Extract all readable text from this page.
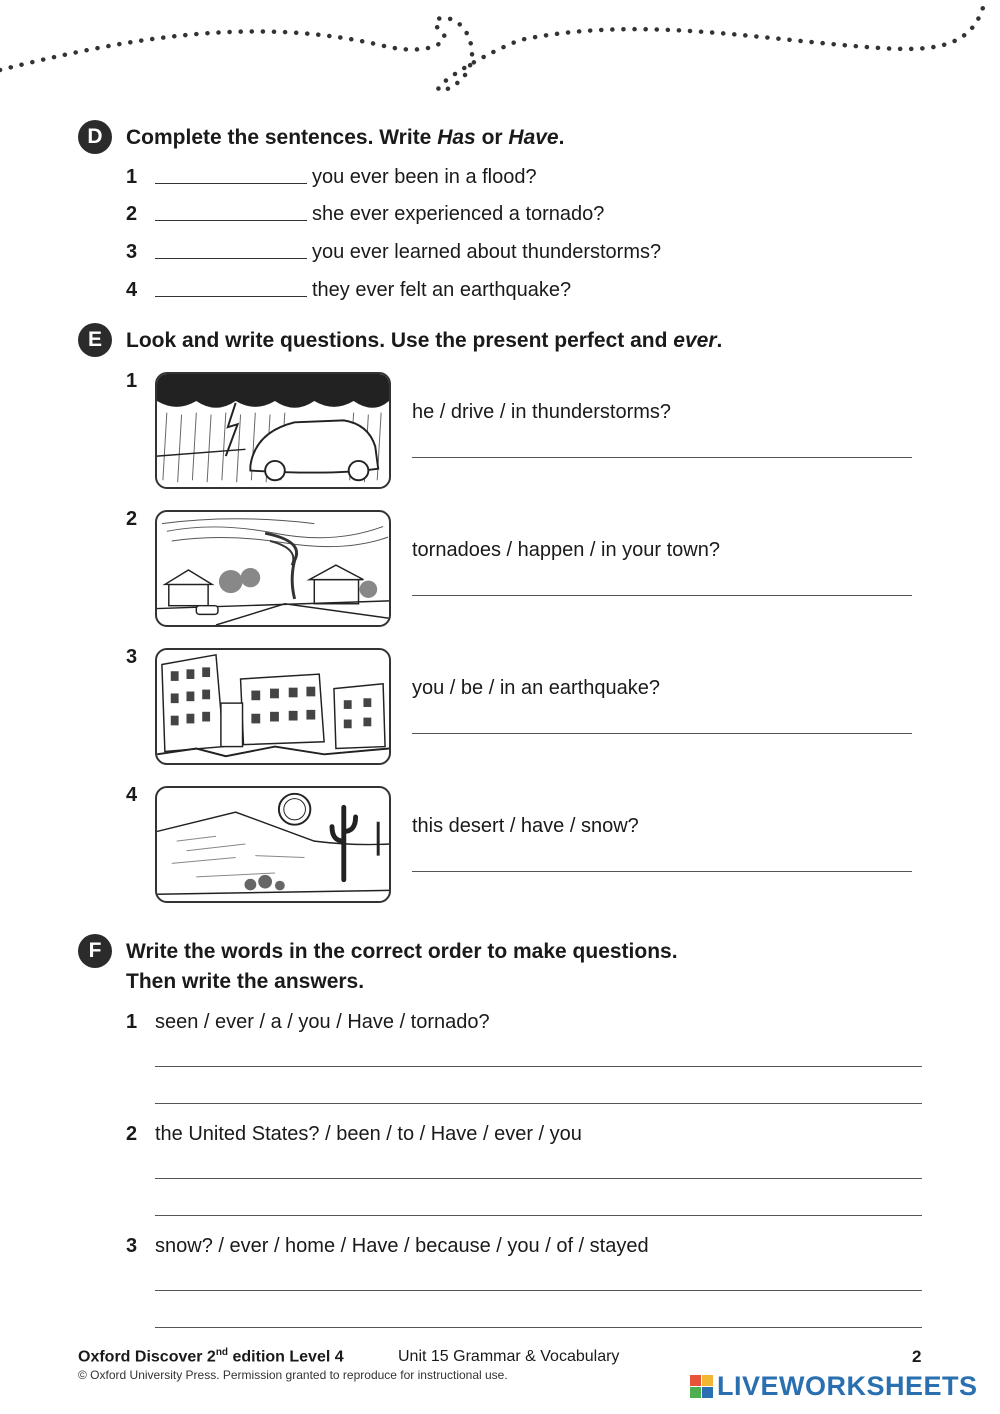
D	Complete the sentences. Write Has or Have.
1	you ever been in a flood?
2	she ever experienced a tornado?
3	you ever learned about thunderstorms?
4	they ever felt an earthquake?
E	Look and write questions. Use the present perfect and ever.
1
he / drive / in thunderstorms?
2
tornadoes / happen / in your town?
3
you / be / in an earthquake?
4
this desert / have / snow?
F	Write the words in the correct order to make questions.
Then write the answers.
1 seen / ever / a / you / Have / tornado?
2 the United States? / been / to / Have / ever / you
3 snow? / ever / home / Have / because / you / of / stayed
Oxford Discover 2nd edition Level 4	Unit 15 Grammar & Vocabulary
© Oxford University Press. Permission granted to reproduce for instructional use.
2
LIVEWORKSHEETS
